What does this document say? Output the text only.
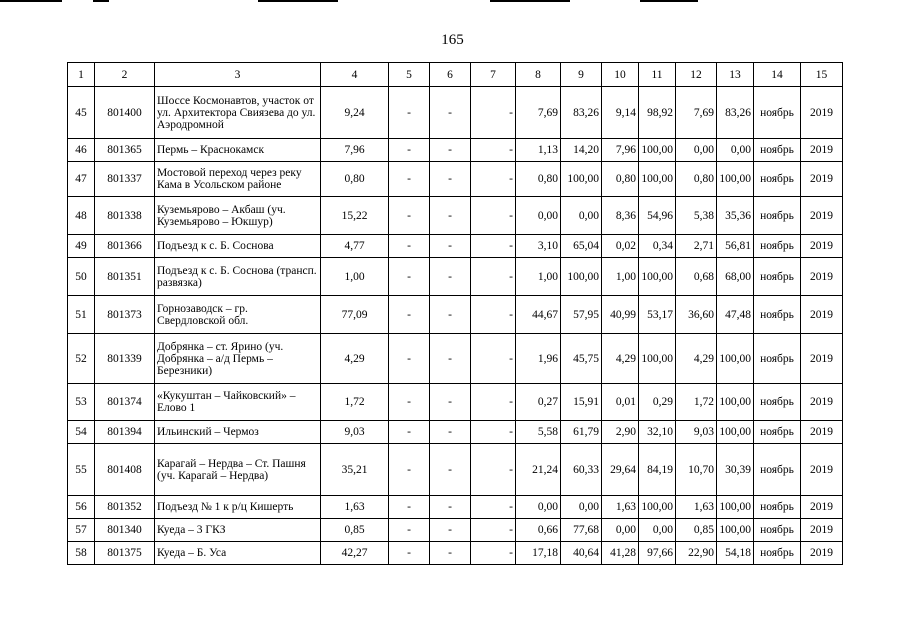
165
1	2	3	4	5	6	7	8	9	10	11	12	13	14	15
45	801400	Шоссе Космонавтов, участок от ул. Архитектора Свиязева до ул. Аэродромной	9,24	-	-	-	7,69	83,26	9,14	98,92	7,69	83,26	ноябрь	2019
46	801365	Пермь – Краснокамск	7,96	-	-	-	1,13	14,20	7,96	100,00	0,00	0,00	ноябрь	2019
47	801337	Мостовой переход через реку Кама в Усольском районе	0,80	-	-	-	0,80	100,00	0,80	100,00	0,80	100,00	ноябрь	2019
48	801338	Куземьярово – Акбаш (уч. Куземьярово – Юкшур)	15,22	-	-	-	0,00	0,00	8,36	54,96	5,38	35,36	ноябрь	2019
49	801366	Подъезд к с. Б. Соснова	4,77	-	-	-	3,10	65,04	0,02	0,34	2,71	56,81	ноябрь	2019
50	801351	Подъезд к с. Б. Соснова (трансп. развязка)	1,00	-	-	-	1,00	100,00	1,00	100,00	0,68	68,00	ноябрь	2019
51	801373	Горнозаводск – гр. Свердловской обл.	77,09	-	-	-	44,67	57,95	40,99	53,17	36,60	47,48	ноябрь	2019
52	801339	Добрянка – ст. Ярино (уч. Добрянка – а/д Пермь – Березники)	4,29	-	-	-	1,96	45,75	4,29	100,00	4,29	100,00	ноябрь	2019
53	801374	«Кукуштан – Чайковский» – Елово 1	1,72	-	-	-	0,27	15,91	0,01	0,29	1,72	100,00	ноябрь	2019
54	801394	Ильинский – Чермоз	9,03	-	-	-	5,58	61,79	2,90	32,10	9,03	100,00	ноябрь	2019
55	801408	Карагай – Нердва – Ст. Пашня (уч. Карагай – Нердва)	35,21	-	-	-	21,24	60,33	29,64	84,19	10,70	30,39	ноябрь	2019
56	801352	Подъезд № 1 к р/ц Кишерть	1,63	-	-	-	0,00	0,00	1,63	100,00	1,63	100,00	ноябрь	2019
57	801340	Куеда – 3 ГКЗ	0,85	-	-	-	0,66	77,68	0,00	0,00	0,85	100,00	ноябрь	2019
58	801375	Куеда – Б. Уса	42,27	-	-	-	17,18	40,64	41,28	97,66	22,90	54,18	ноябрь	2019
